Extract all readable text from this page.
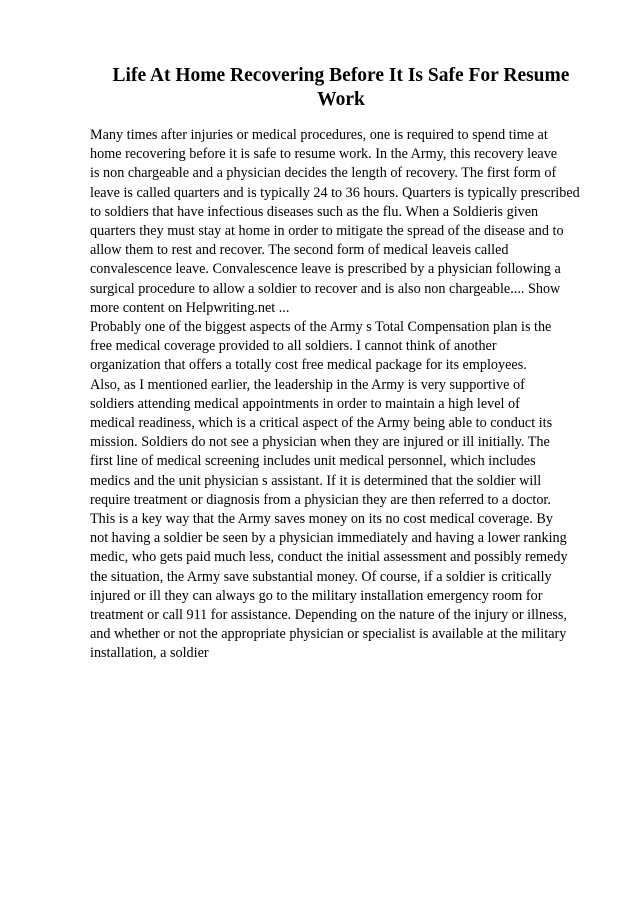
Life At Home Recovering Before It Is Safe For Resume Work

Many times after injuries or medical procedures, one is required to spend time at
home recovering before it is safe to resume work. In the Army, this recovery leave
is non chargeable and a physician decides the length of recovery. The first form of
leave is called quarters and is typically 24 to 36 hours. Quarters is typically prescribed
to soldiers that have infectious diseases such as the flu. When a Soldieris given
quarters they must stay at home in order to mitigate the spread of the disease and to
allow them to rest and recover. The second form of medical leaveis called
convalescence leave. Convalescence leave is prescribed by a physician following a
surgical procedure to allow a soldier to recover and is also non chargeable.... Show
more content on Helpwriting.net ...

Probably one of the biggest aspects of the Army s Total Compensation plan is the
free medical coverage provided to all soldiers. I cannot think of another
organization that offers a totally cost free medical package for its employees.
Also, as I mentioned earlier, the leadership in the Army is very supportive of
soldiers attending medical appointments in order to maintain a high level of
medical readiness, which is a critical aspect of the Army being able to conduct its
mission. Soldiers do not see a physician when they are injured or ill initially. The
first line of medical screening includes unit medical personnel, which includes
medics and the unit physician s assistant. If it is determined that the soldier will
require treatment or diagnosis from a physician they are then referred to a doctor.
This is a key way that the Army saves money on its no cost medical coverage. By
not having a soldier be seen by a physician immediately and having a lower ranking
medic, who gets paid much less, conduct the initial assessment and possibly remedy
the situation, the Army save substantial money. Of course, if a soldier is critically
injured or ill they can always go to the military installation emergency room for
treatment or call 911 for assistance. Depending on the nature of the injury or illness,
and whether or not the appropriate physician or specialist is available at the military
installation, a soldier
